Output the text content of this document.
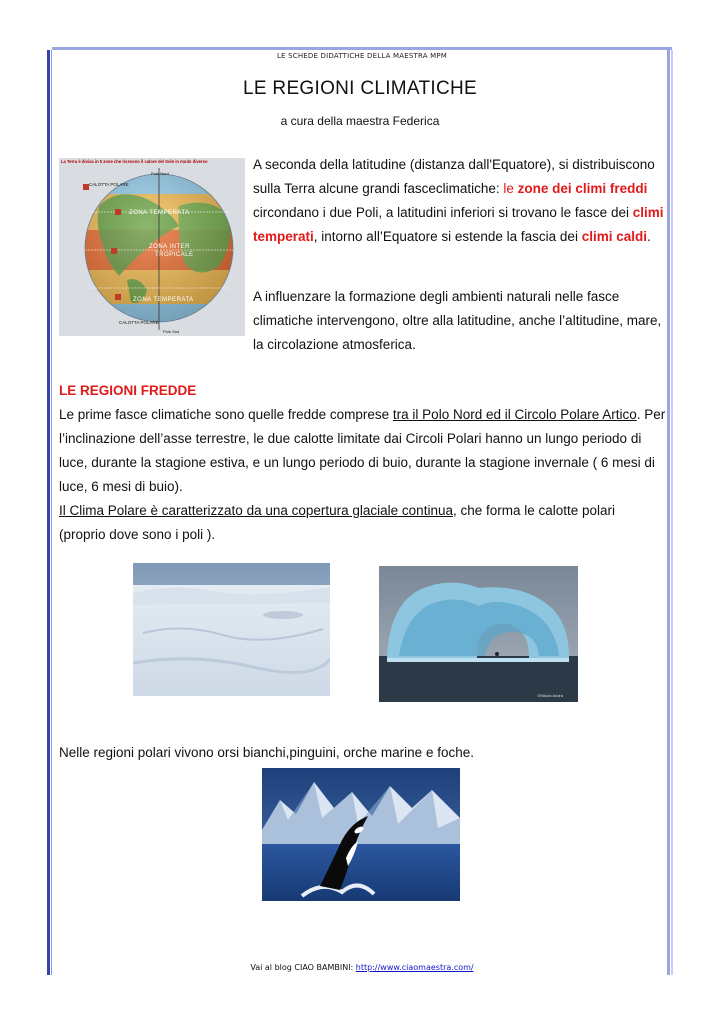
LE SCHEDE DIDATTICHE DELLA MAESTRA MPM
LE REGIONI CLIMATICHE
a cura della maestra Federica
La Terra è divisa in 5 zone che ricevono il calore del Sole in modo diverso
Polo Nord
CALOTTA POLARE
ZONA TEMPERATA
ZONA INTER
TROPICALE
ZONA TEMPERATA
CALOTTA POLARE
Polo Sud
A seconda della latitudine (distanza dall'Equatore), si distribuiscono sulla Terra alcune grandi fasceclimatiche: le zone dei climi freddi circondano i due Poli, a latitudini inferiori si trovano le fasce dei climi temperati, intorno all’Equatore si estende la fascia dei climi caldi.
A influenzare la formazione degli ambienti naturali nelle fasce climatiche intervengono, oltre alla latitudine, anche l’altitudine, mare, la circolazione atmosferica.
LE REGIONI FREDDE
Le prime fasce climatiche sono quelle fredde comprese tra il Polo Nord ed il Circolo Polare Artico. Per l’inclinazione dell’asse terrestre, le due calotte limitate dai Circoli Polari hanno un lungo periodo di luce, durante la stagione estiva, e un lungo periodo di buio, durante la stagione invernale ( 6 mesi di luce, 6 mesi di buio).
Il Clima Polare è caratterizzato da una copertura glaciale continua, che forma le calotte polari (proprio dove sono i poli ).
©Nikola Andra
Nelle regioni polari vivono orsi bianchi,pinguini, orche marine e foche.
Vai al blog CIAO BAMBINI: http://www.ciaomaestra.com/
